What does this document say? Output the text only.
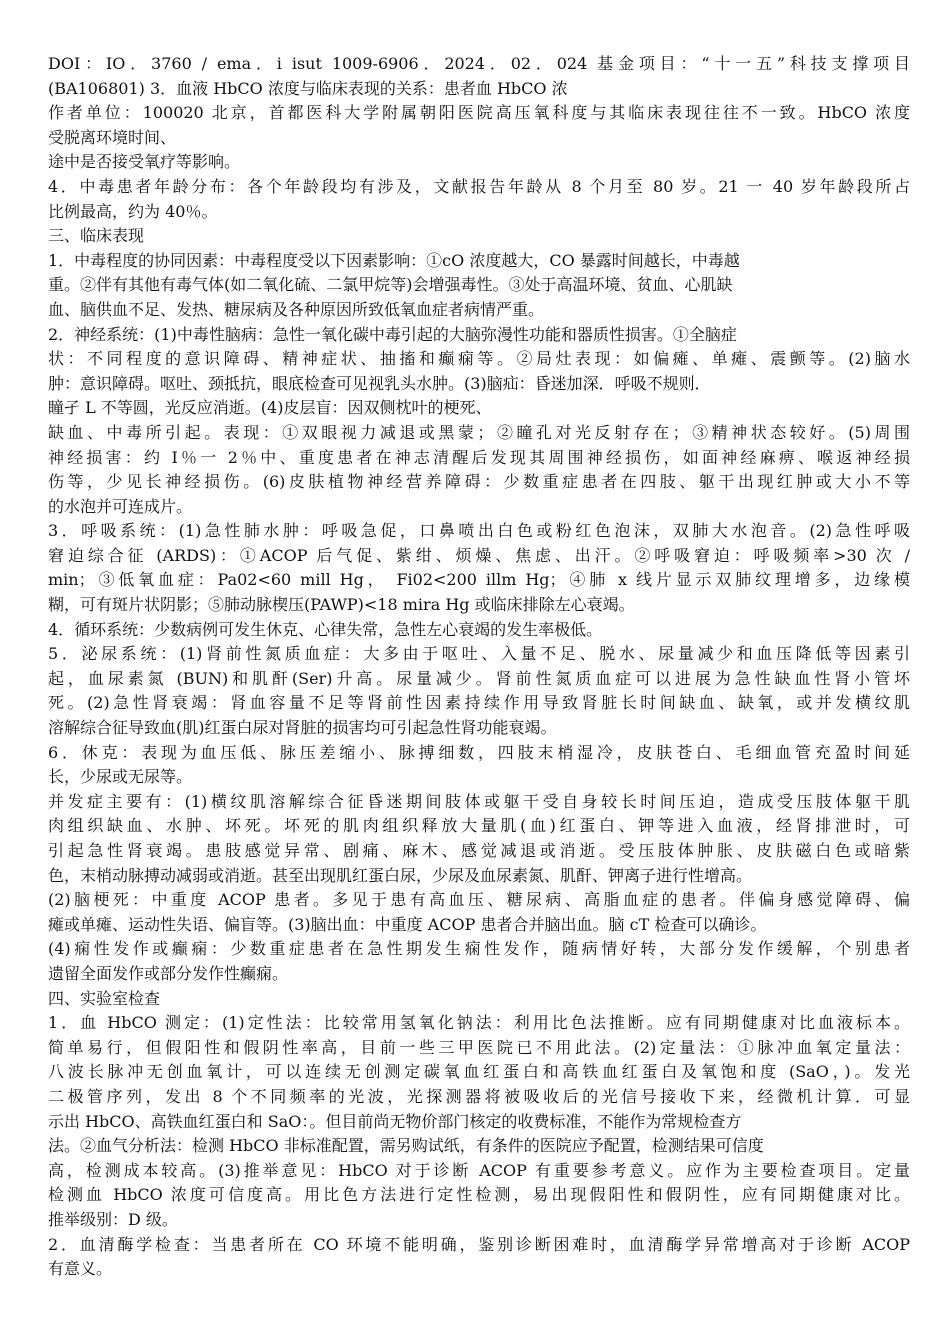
DOI：IO．3760 / ema．i isut 1009-6906．2024．02．024 基金项目：“十一五”科技支撑项目
(BA106801) 3．血液 HbCO 浓度与临床表现的关系：患者血 HbCO 浓
作者单位：100020 北京，首都医科大学附属朝阳医院高压氧科度与其临床表现往往不一致。HbCO 浓度
受脱离环境时间、
途中是否接受氧疗等影响。
4．中毒患者年龄分布：各个年龄段均有涉及，文献报告年龄从 8 个月至 80 岁。21 一 40 岁年龄段所占
比例最高，约为 40％。
三、临床表现
1．中毒程度的协同因素：中毒程度受以下因素影响：①cO 浓度越大，CO 暴露时间越长，中毒越
重。②伴有其他有毒气体(如二氧化硫、二氯甲烷等)会增强毒性。③处于高温环境、贫血、心肌缺
血、脑供血不足、发热、糖尿病及各种原因所致低氧血症者病情严重。
2．神经系统：(1)中毒性脑病：急性一氧化碳中毒引起的大脑弥漫性功能和器质性损害。①全脑症
状：不同程度的意识障碍、精神症状、抽搐和癫痫等。②局灶表现：如偏瘫、单瘫、震颤等。(2)脑水
肿：意识障碍。呕吐、颈抵抗，眼底检查可见视乳头水肿。(3)脑疝：昏迷加深．呼吸不规则．
瞳孑 L 不等圆，光反应消逝。(4)皮层盲：因双侧枕叶的梗死、
缺血、中毒所引起。表现：①双眼视力减退或黑蒙；②瞳孔对光反射存在；③精神状态较好。(5)周围
神经损害：约 I％一 2％中、重度患者在神志清醒后发现其周围神经损伤，如面神经麻痹、喉返神经损
伤等，少见长神经损伤。(6)皮肤植物神经营养障碍：少数重症患者在四肢、躯干出现红肿或大小不等
的水泡并可连成片。
3．呼吸系统：(1)急性肺水肿：呼吸急促，口鼻喷出白色或粉红色泡沫，双肺大水泡音。(2)急性呼吸
窘迫综合征 (ARDS)：①ACOP 后气促、紫绀、烦燥、焦虑、出汗。②呼吸窘迫：呼吸频率>30 次 /
min；③低氧血症：Pa02<60 mill Hg， Fi02<200 illm Hg；④肺 x 线片显示双肺纹理增多，边缘模
糊，可有斑片状阴影；⑤肺动脉楔压(PAWP)<18 mira Hg 或临床排除左心衰竭。
4．循环系统：少数病例可发生休克、心律失常，急性左心衰竭的发生率极低。
5．泌尿系统：(1)肾前性氮质血症：大多由于呕吐、入量不足、脱水、尿量减少和血压降低等因素引
起，血尿素氮 (BUN)和肌酐(Ser)升高。尿量减少。肾前性氮质血症可以进展为急性缺血性肾小管坏
死。(2)急性肾衰竭：肾血容量不足等肾前性因素持续作用导致肾脏长时间缺血、缺氧，或并发横纹肌
溶解综合征导致血(肌)红蛋白尿对肾脏的损害均可引起急性肾功能衰竭。
6．休克：表现为血压低、脉压差缩小、脉搏细数，四肢末梢湿冷，皮肤苍白、毛细血管充盈时间延
长，少尿或无尿等。
并发症主要有：(1)横纹肌溶解综合征昏迷期间肢体或躯干受自身较长时间压迫，造成受压肢体躯干肌
肉组织缺血、水肿、坏死。坏死的肌肉组织释放大量肌(血)红蛋白、钾等进入血液，经肾排泄时，可
引起急性肾衰竭。患肢感觉异常、剧痛、麻木、感觉减退或消逝。受压肢体肿胀、皮肤磁白色或暗紫
色，末梢动脉搏动减弱或消逝。甚至出现肌红蛋白尿，少尿及血尿素氮、肌酐、钾离子进行性增高。
(2)脑梗死：中重度 ACOP 患者。多见于患有高血压、糖尿病、高脂血症的患者。伴偏身感觉障碍、偏
瘫或单瘫、运动性失语、偏盲等。(3)脑出血：中重度 ACOP 患者合并脑出血。脑 cT 检查可以确诊。
(4)痫性发作或癫痫：少数重症患者在急性期发生痫性发作，随病情好转，大部分发作缓解，个别患者
遗留全面发作或部分发作性癫痫。
四、实验室检查
1．血 HbCO 测定：(1)定性法：比较常用氢氧化钠法：利用比色法推断。应有同期健康对比血液标本。
简单易行，但假阳性和假阴性率高，目前一些三甲医院已不用此法。(2)定量法：①脉冲血氧定量法：
八波长脉冲无创血氧计，可以连续无创测定碳氧血红蛋白和高铁血红蛋白及氧饱和度 (SaO，)。发光
二极管序列，发出 8 个不同频率的光波，光探测器将被吸收后的光信号接收下来，经微机计算．可显
示出 HbCO、高铁血红蛋白和 SaO：。但目前尚无物价部门核定的收费标准，不能作为常规检查方
法。②血气分析法：检测 HbCO 非标准配置，需另购试纸，有条件的医院应予配置，检测结果可信度
高，检测成本较高。(3)推举意见：HbCO 对于诊断 ACOP 有重要参考意义。应作为主要检查项目。定量
检测血 HbCO 浓度可信度高。用比色方法进行定性检测，易出现假阳性和假阴性，应有同期健康对比。
推举级别：D 级。
2．血清酶学检查：当患者所在 CO 环境不能明确，鉴别诊断困难时，血清酶学异常增高对于诊断 ACOP
有意义。
